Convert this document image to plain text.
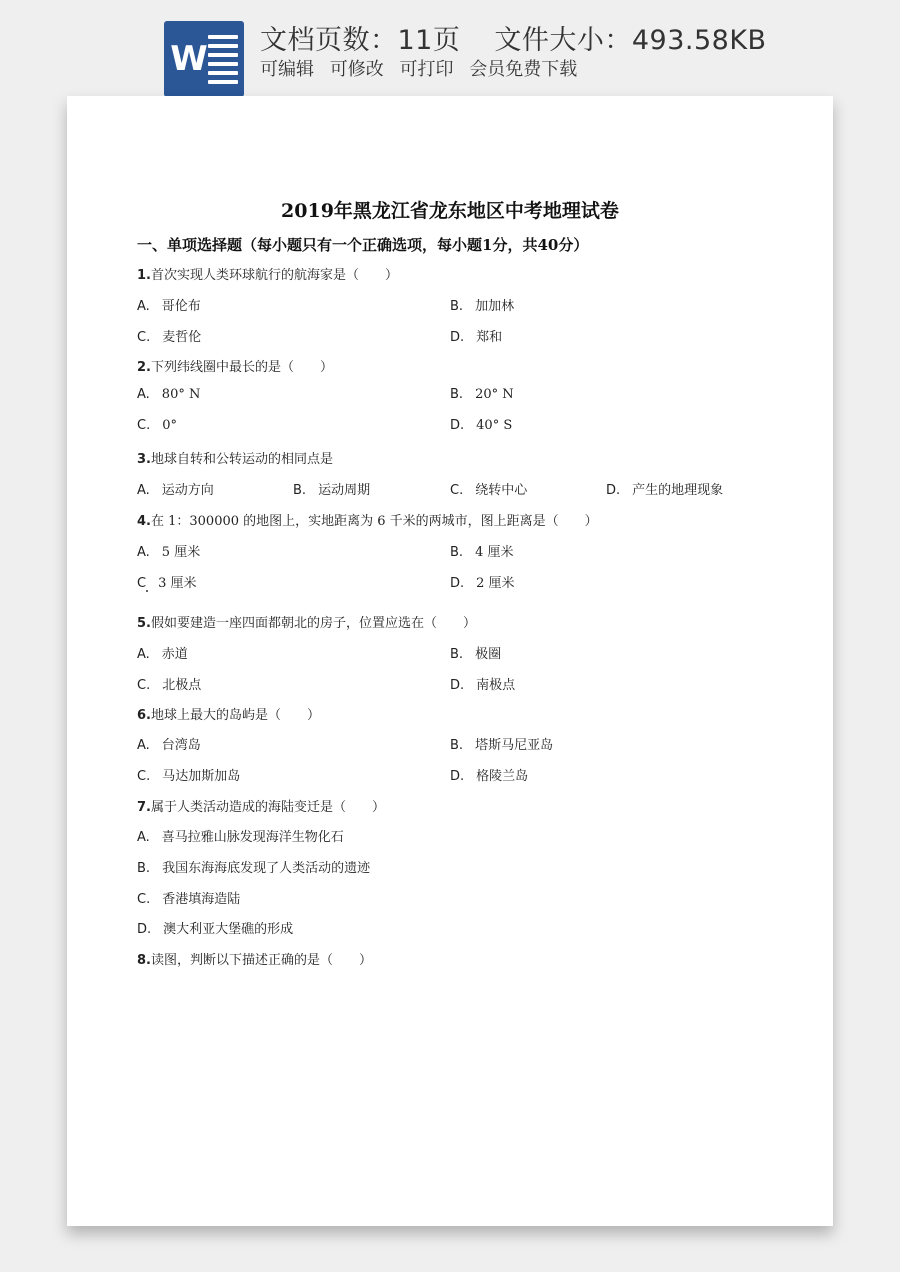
W 文档页数：11页 文件大小：493.58KB
可编辑 可修改 可打印 会员免费下载
2019年黑龙江省龙东地区中考地理试卷
一、单项选择题（每小题只有一个正确选项，每小题1分，共40分）
1.首次实现人类环球航行的航海家是（　　）
A. 哥伦布	B. 加加林
C. 麦哲伦	D. 郑和
2.下列纬线圈中最长的是（　　）
A. 80° N	B. 20° N
C. 0°	D. 40° S
3.地球自转和公转运动的相同点是
A. 运动方向	B. 运动周期	C. 绕转中心	D. 产生的地理现象
4.在 1：300000 的地图上，实地距离为 6 千米的两城市，图上距离是（　　）
A. 5 厘米	B. 4 厘米
C 3 厘米	D. 2 厘米
5.假如要建造一座四面都朝北的房子，位置应选在（　　）
A. 赤道	B. 极圈
C. 北极点	D. 南极点
6.地球上最大的岛屿是（　　）
A. 台湾岛	B. 塔斯马尼亚岛
C. 马达加斯加岛	D. 格陵兰岛
7.属于人类活动造成的海陆变迁是（　　）
A. 喜马拉雅山脉发现海洋生物化石
B. 我国东海海底发现了人类活动的遗迹
C. 香港填海造陆
D. 澳大利亚大堡礁的形成
8.读图，判断以下描述正确的是（　　）
